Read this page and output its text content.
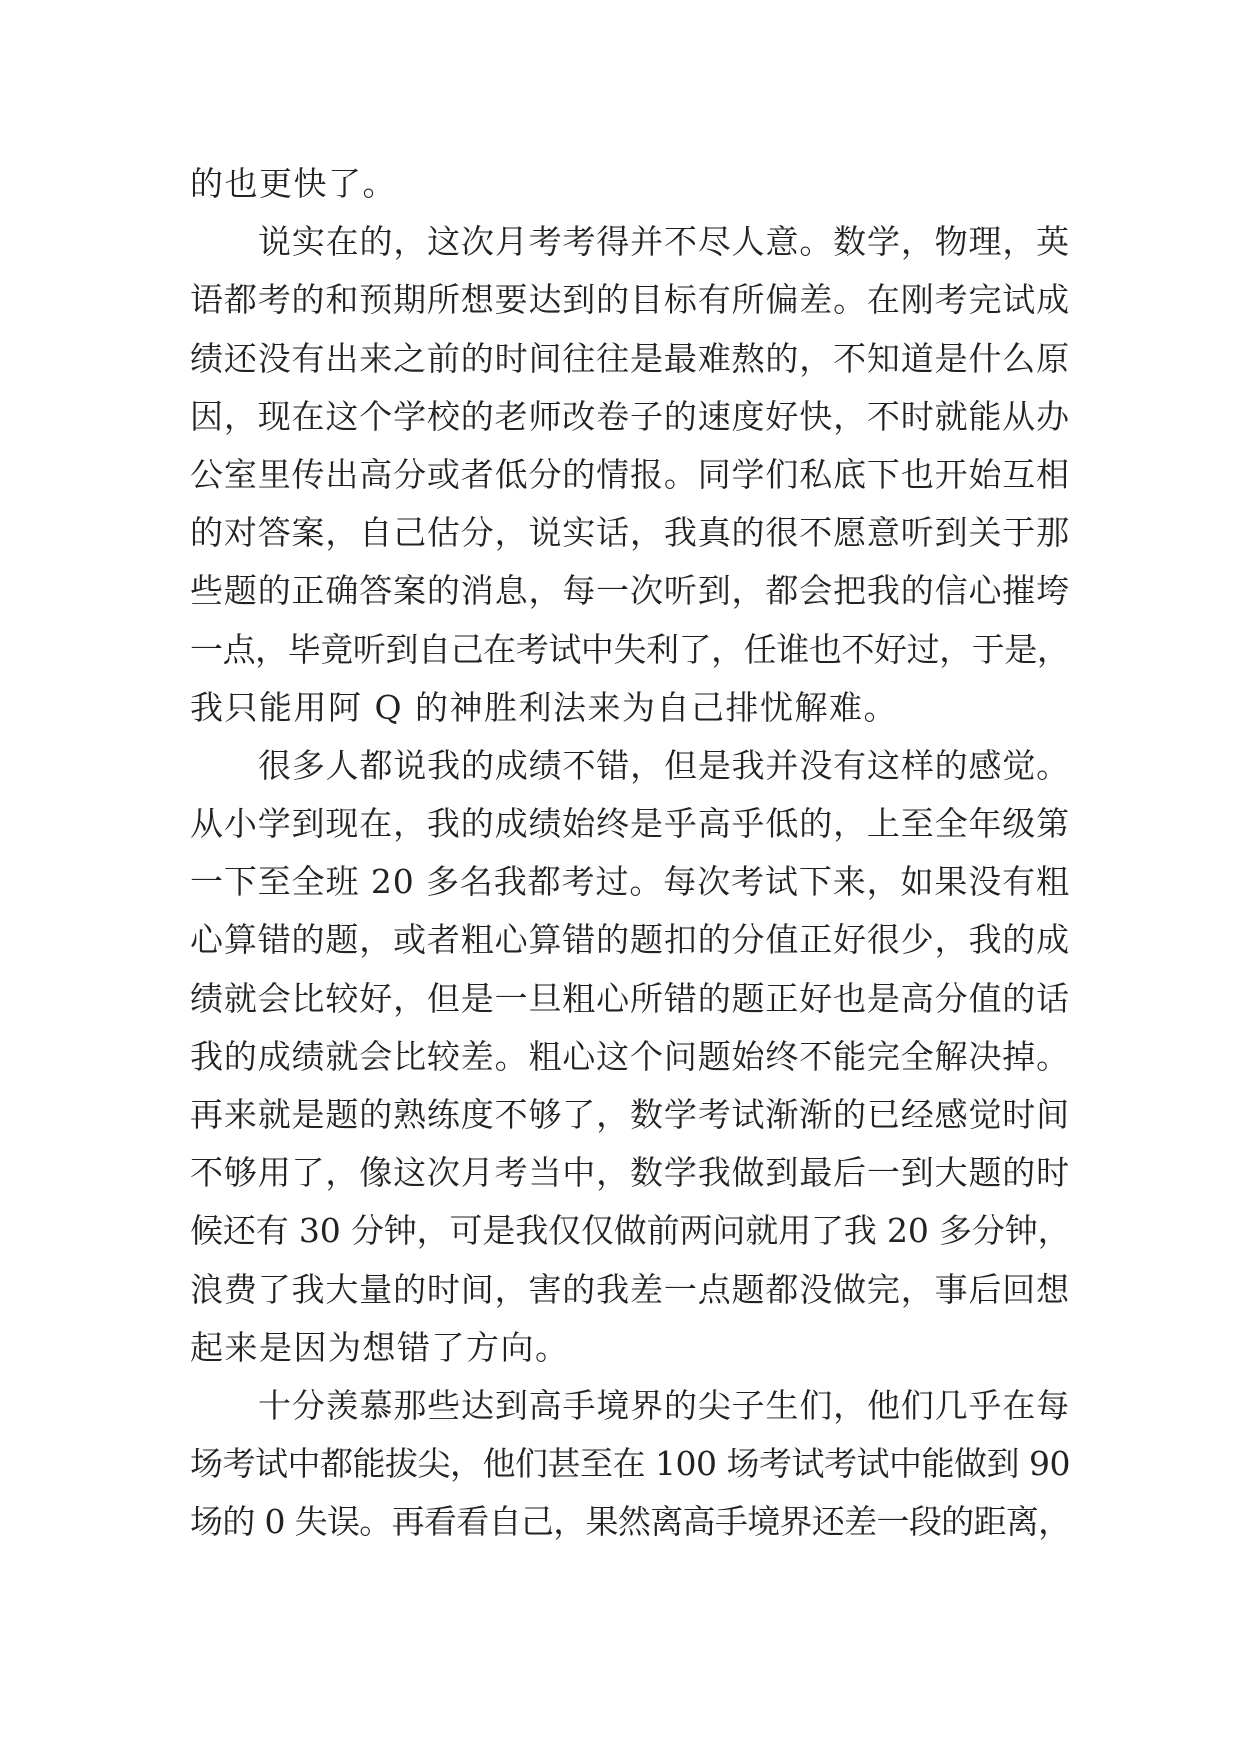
的也更快了。
说实在的，这次月考考得并不尽人意。数学，物理，英
语都考的和预期所想要达到的目标有所偏差。在刚考完试成
绩还没有出来之前的时间往往是最难熬的，不知道是什么原
因，现在这个学校的老师改卷子的速度好快，不时就能从办
公室里传出高分或者低分的情报。同学们私底下也开始互相
的对答案，自己估分，说实话，我真的很不愿意听到关于那
些题的正确答案的消息，每一次听到，都会把我的信心摧垮
一点，毕竟听到自己在考试中失利了，任谁也不好过，于是，
我只能用阿 Q 的神胜利法来为自己排忧解难。
很多人都说我的成绩不错，但是我并没有这样的感觉。
从小学到现在，我的成绩始终是乎高乎低的，上至全年级第
一下至全班 20 多名我都考过。每次考试下来，如果没有粗
心算错的题，或者粗心算错的题扣的分值正好很少，我的成
绩就会比较好，但是一旦粗心所错的题正好也是高分值的话
我的成绩就会比较差。粗心这个问题始终不能完全解决掉。
再来就是题的熟练度不够了，数学考试渐渐的已经感觉时间
不够用了，像这次月考当中，数学我做到最后一到大题的时
候还有 30 分钟，可是我仅仅做前两问就用了我 20 多分钟，
浪费了我大量的时间，害的我差一点题都没做完，事后回想
起来是因为想错了方向。
十分羡慕那些达到高手境界的尖子生们，他们几乎在每
场考试中都能拔尖，他们甚至在 100 场考试考试中能做到 90
场的 0 失误。再看看自己，果然离高手境界还差一段的距离，
